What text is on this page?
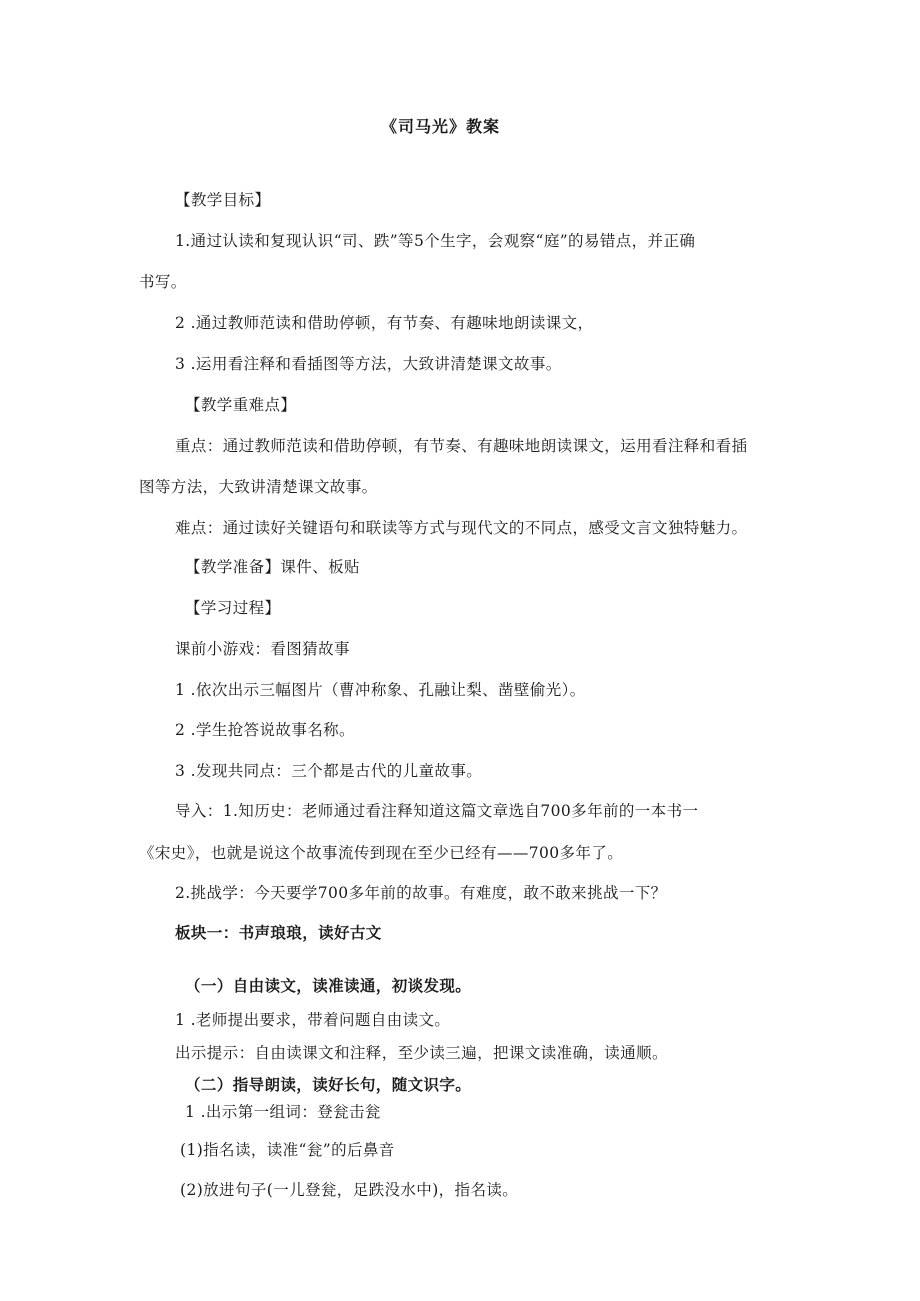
《司马光》教案
【教学目标】
1.通过认读和复现认识“司、跌”等5个生字，会观察“庭”的易错点，并正确
书写。
2 .通过教师范读和借助停顿，有节奏、有趣味地朗读课文，
3 .运用看注释和看插图等方法，大致讲清楚课文故事。
【教学重难点】
重点：通过教师范读和借助停顿，有节奏、有趣味地朗读课文，运用看注释和看插
图等方法，大致讲清楚课文故事。
难点：通过读好关键语句和联读等方式与现代文的不同点，感受文言文独特魅力。
【教学准备】课件、板贴
【学习过程】
课前小游戏：看图猜故事
1 .依次出示三幅图片（曹冲称象、孔融让梨、凿壁偷光）。
2 .学生抢答说故事名称。
3 .发现共同点：三个都是古代的儿童故事。
导入：1.知历史：老师通过看注释知道这篇文章选自700多年前的一本书一
《宋史》，也就是说这个故事流传到现在至少已经有——700多年了。
2.挑战学：今天要学700多年前的故事。有难度，敢不敢来挑战一下？
板块一：书声琅琅，读好古文
（一）自由读文，读准读通，初谈发现。
1 .老师提出要求，带着问题自由读文。
出示提示：自由读课文和注释，至少读三遍，把课文读准确，读通顺。
（二）指导朗读，读好长句，随文识字。
1 .出示第一组词：登瓮击瓮
(1)指名读，读准“瓮”的后鼻音
(2)放进句子(一儿登瓮，足跌没水中)，指名读。
